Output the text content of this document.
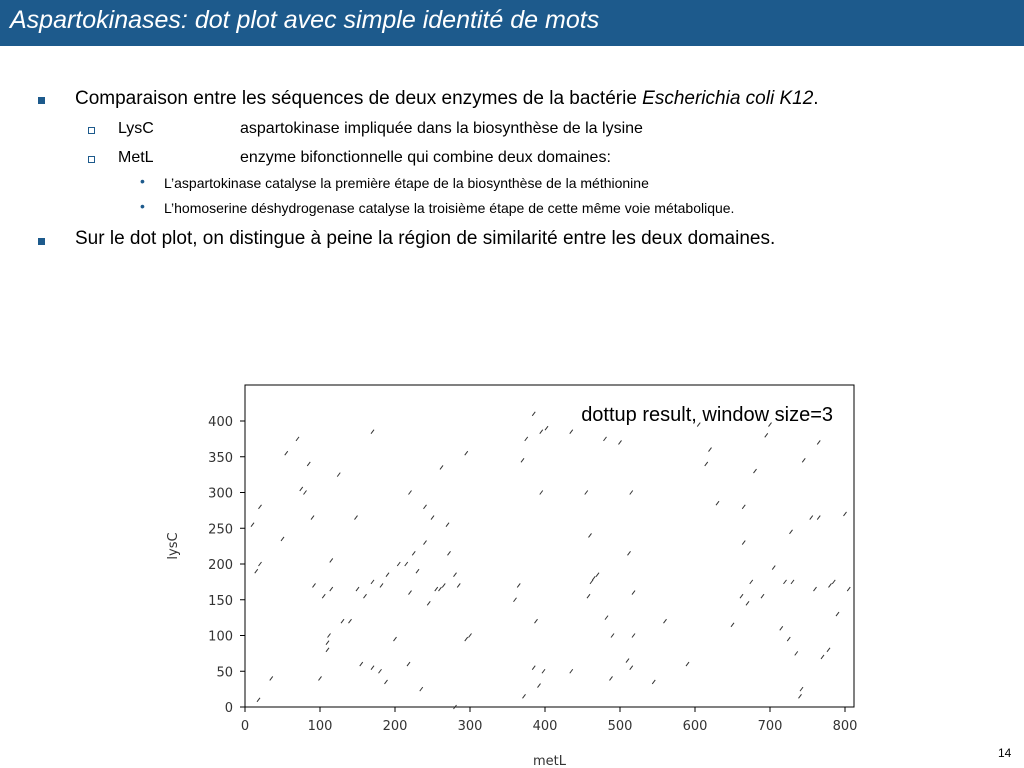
Aspartokinases: dot plot avec simple identité de mots
Comparaison entre les séquences de deux enzymes de la bactérie Escherichia coli K12.
LysC	aspartokinase impliquée dans la biosynthèse de la lysine
MetL	enzyme bifonctionnelle qui combine deux domaines:
• L’aspartokinase catalyse la première étape de la biosynthèse de la méthionine
• L’homoserine déshydrogenase catalyse la troisième étape de cette même voie métabolique.
Sur le dot plot, on distingue à peine la région de similarité entre les deux domaines.
0	100	200	300	400	500	600	700	800
0
50
100
150
200
250
300
350
400
metL
lysC
dottup result, window size=3
14
